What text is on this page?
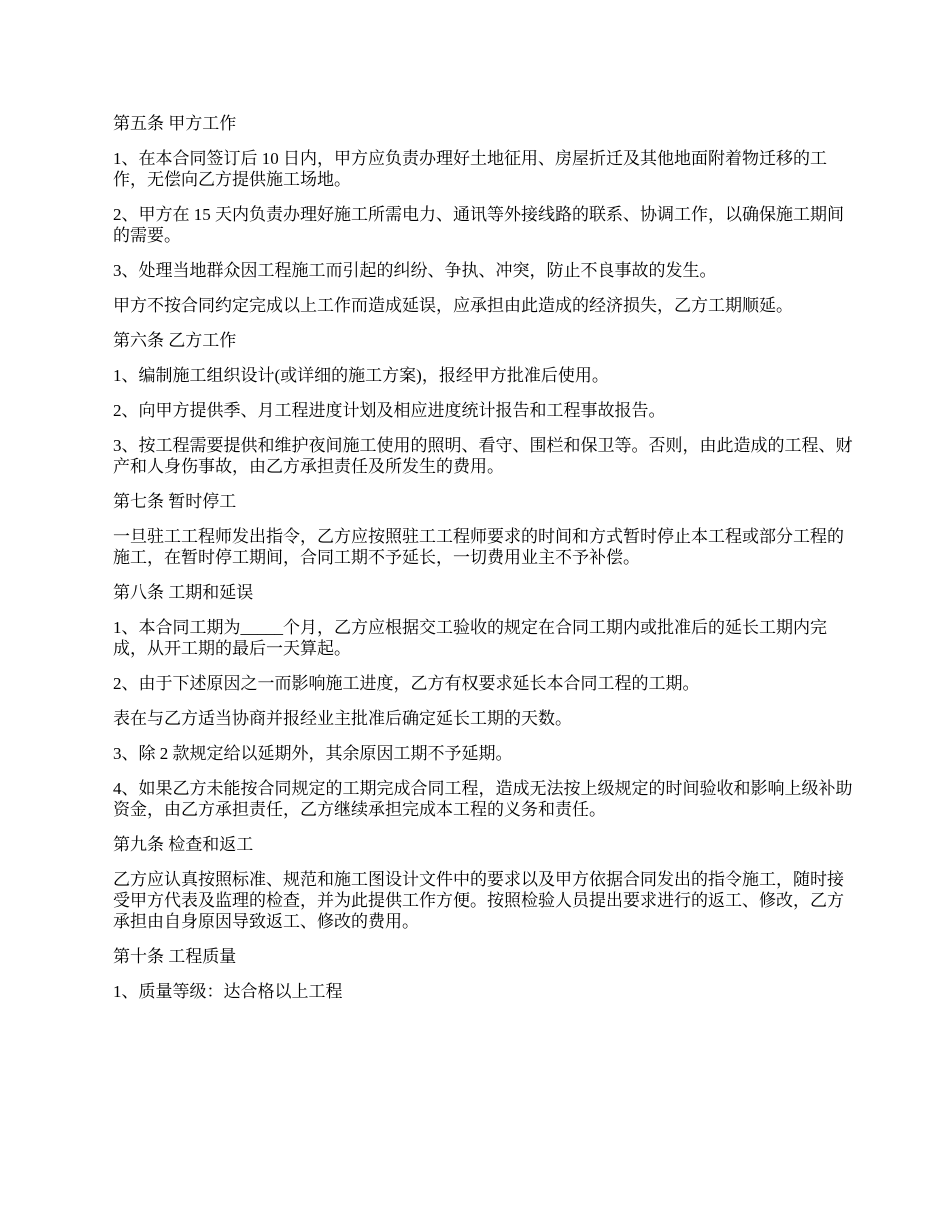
第五条 甲方工作

1、在本合同签订后 10 日内，甲方应负责办理好土地征用、房屋折迁及其他地面附着物迁移的工作，无偿向乙方提供施工场地。

2、甲方在 15 天内负责办理好施工所需电力、通讯等外接线路的联系、协调工作，以确保施工期间的需要。

3、处理当地群众因工程施工而引起的纠纷、争执、冲突，防止不良事故的发生。

甲方不按合同约定完成以上工作而造成延误，应承担由此造成的经济损失，乙方工期顺延。

第六条 乙方工作

1、编制施工组织设计(或详细的施工方案)，报经甲方批准后使用。

2、向甲方提供季、月工程进度计划及相应进度统计报告和工程事故报告。

3、按工程需要提供和维护夜间施工使用的照明、看守、围栏和保卫等。否则，由此造成的工程、财产和人身伤事故，由乙方承担责任及所发生的费用。

第七条 暂时停工

一旦驻工工程师发出指令，乙方应按照驻工工程师要求的时间和方式暂时停止本工程或部分工程的施工，在暂时停工期间，合同工期不予延长，一切费用业主不予补偿。

第八条 工期和延误

1、本合同工期为_____个月，乙方应根据交工验收的规定在合同工期内或批准后的延长工期内完成，从开工期的最后一天算起。

2、由于下述原因之一而影响施工进度，乙方有权要求延长本合同工程的工期。

表在与乙方适当协商并报经业主批准后确定延长工期的天数。

3、除 2 款规定给以延期外，其余原因工期不予延期。

4、如果乙方未能按合同规定的工期完成合同工程，造成无法按上级规定的时间验收和影响上级补助资金，由乙方承担责任，乙方继续承担完成本工程的义务和责任。

第九条 检查和返工

乙方应认真按照标准、规范和施工图设计文件中的要求以及甲方依据合同发出的指令施工，随时接受甲方代表及监理的检查，并为此提供工作方便。按照检验人员提出要求进行的返工、修改，乙方承担由自身原因导致返工、修改的费用。

第十条 工程质量

1、质量等级：达合格以上工程
